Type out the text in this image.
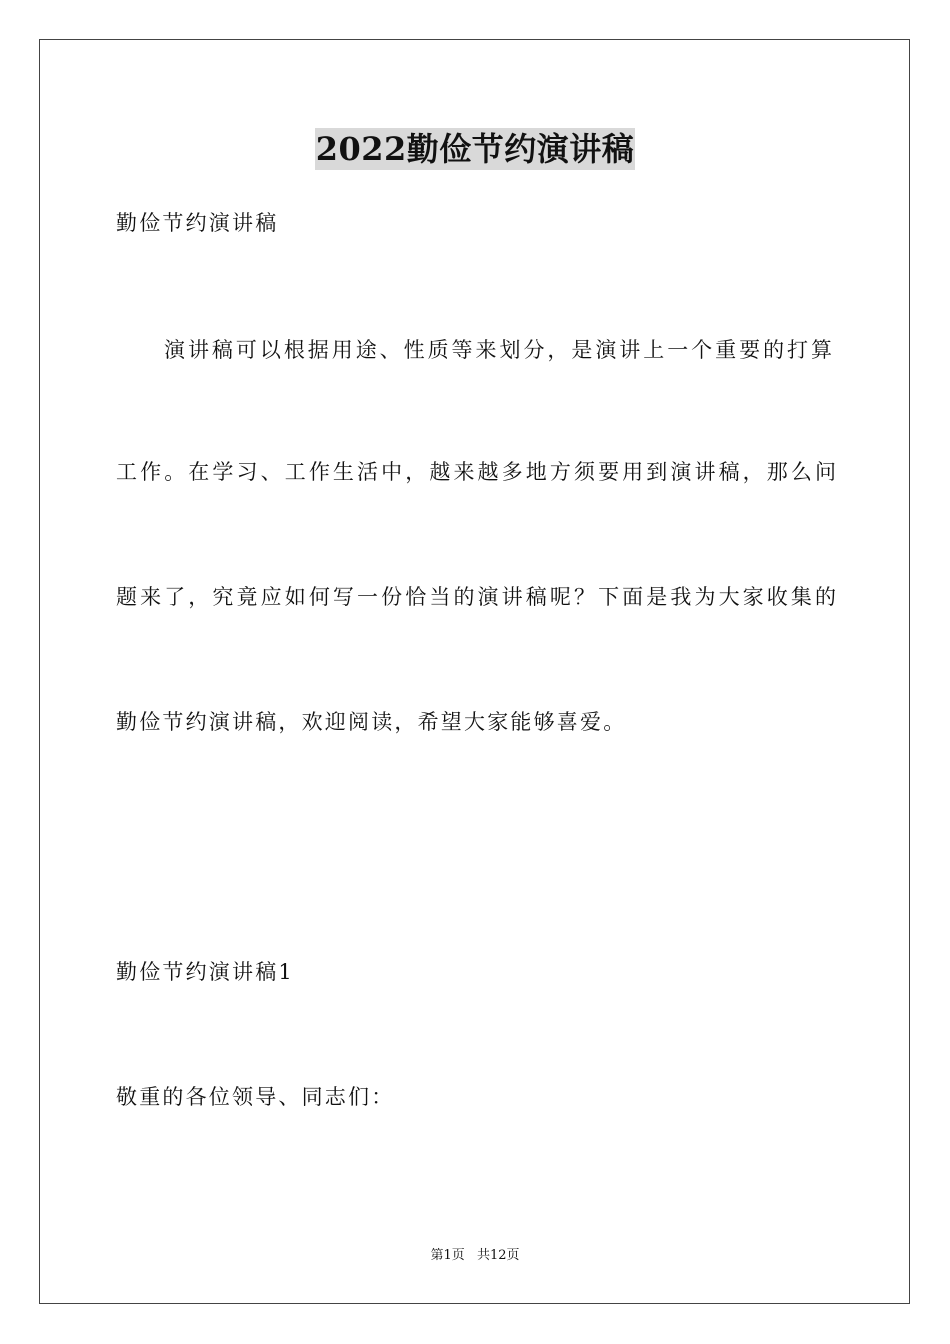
2022勤俭节约演讲稿
勤俭节约演讲稿
演讲稿可以根据用途、性质等来划分，是演讲上一个重要的打算
工作。在学习、工作生活中，越来越多地方须要用到演讲稿，那么问
题来了，究竟应如何写一份恰当的演讲稿呢？下面是我为大家收集的
勤俭节约演讲稿，欢迎阅读，希望大家能够喜爱。
勤俭节约演讲稿1
敬重的各位领导、同志们：
第1页 共12页
